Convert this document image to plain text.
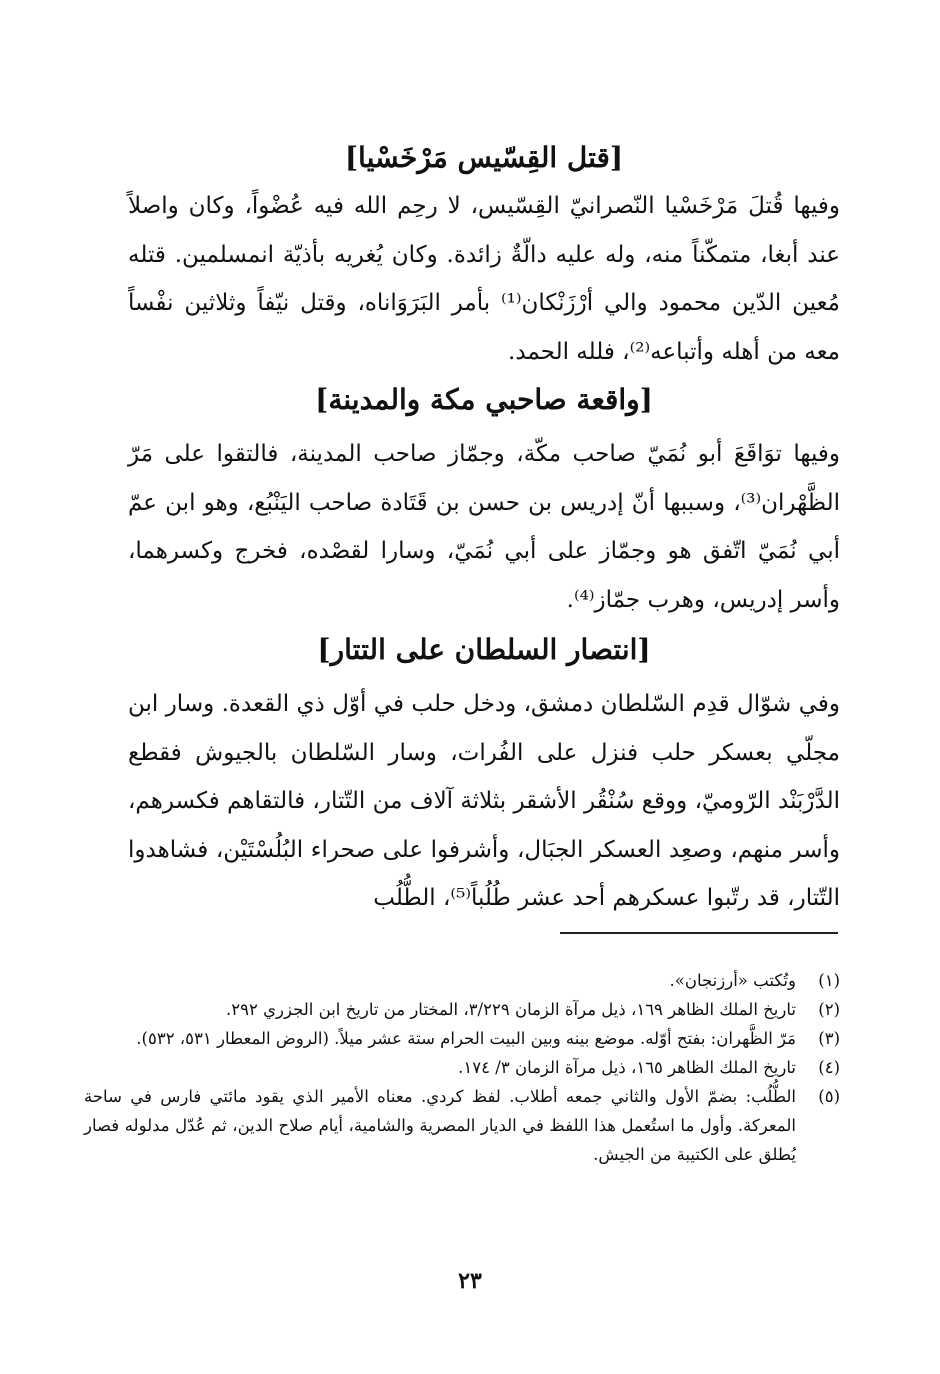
[قتل القِسّيس مَرْخَسْيا]

وفيها قُتلَ مَرْخَسْيا النّصرانيّ القِسّيس، لا رحِم الله فيه عُضْواً، وكان واصلاً عند أبغا، متمكّناً منه، وله عليه دالّةٌ زائدة. وكان يُغريه بأذيّة انمسلمين. قتله مُعين الدّين محمود والي أرْزَنْكان⁽¹⁾ بأمر البَرَوَاناه، وقتل نيّفاً وثلاثين نفْساً معه من أهله وأتباعه⁽²⁾، فلله الحمد.

[واقعة صاحبي مكة والمدينة]

وفيها توَاقَعَ أبو نُمَيّ صاحب مكّة، وجمّاز صاحب المدينة، فالتقوا على مَرّ الظَّهْران⁽³⁾، وسببها أنّ إدريس بن حسن بن قَتَادة صاحب اليَنْبُع، وهو ابن عمّ أبي نُمَيّ اتّفق هو وجمّاز على أبي نُمَيّ، وسارا لقصْده، فخرج وكسرهما، وأسر إدريس، وهرب جمّاز⁽⁴⁾.

[انتصار السلطان على التتار]

وفي شوّال قدِم السّلطان دمشق، ودخل حلب في أوّل ذي القعدة. وسار ابن مجلّي بعسكر حلب فنزل على الفُرات، وسار السّلطان بالجيوش فقطع الدَّرْبَنْد الرّوميّ، ووقع سُنْقُر الأشقر بثلاثة آلاف من التّتار، فالتقاهم فكسرهم، وأسر منهم، وصعِد العسكر الجبَال، وأشرفوا على صحراء البُلُسْتَيْن، فشاهدوا التّتار، قد رتّبوا عسكرهم أحد عشر طُلُباً⁽⁵⁾، الطُّلُب

(١)
وتُكتب «أرزنجان».
(٢)
تاريخ الملك الظاهر ١٦٩، ذيل مرآة الزمان ٣/٢٢٩، المختار من تاريخ ابن الجزري ٢٩٢.
(٣)
مَرّ الظَّهران: بفتح أوّله. موضع بينه وبين البيت الحرام ستة عشر ميلاً. (الروض المعطار ٥٣١، ٥٣٢).
(٤)
تاريخ الملك الظاهر ١٦٥، ذيل مرآة الزمان ٣/ ١٧٤.
(٥)
الطُّلُب: بضمّ الأول والثاني جمعه أطلاب. لفظ كردي. معناه الأمير الذي يقود مائتي فارس في ساحة المعركة. وأول ما استُعمل هذا اللفظ في الديار المصرية والشامية، أيام صلاح الدين، ثم عُدّل مدلوله فصار يُطلق على الكتيبة من الجيش.
٢٣
